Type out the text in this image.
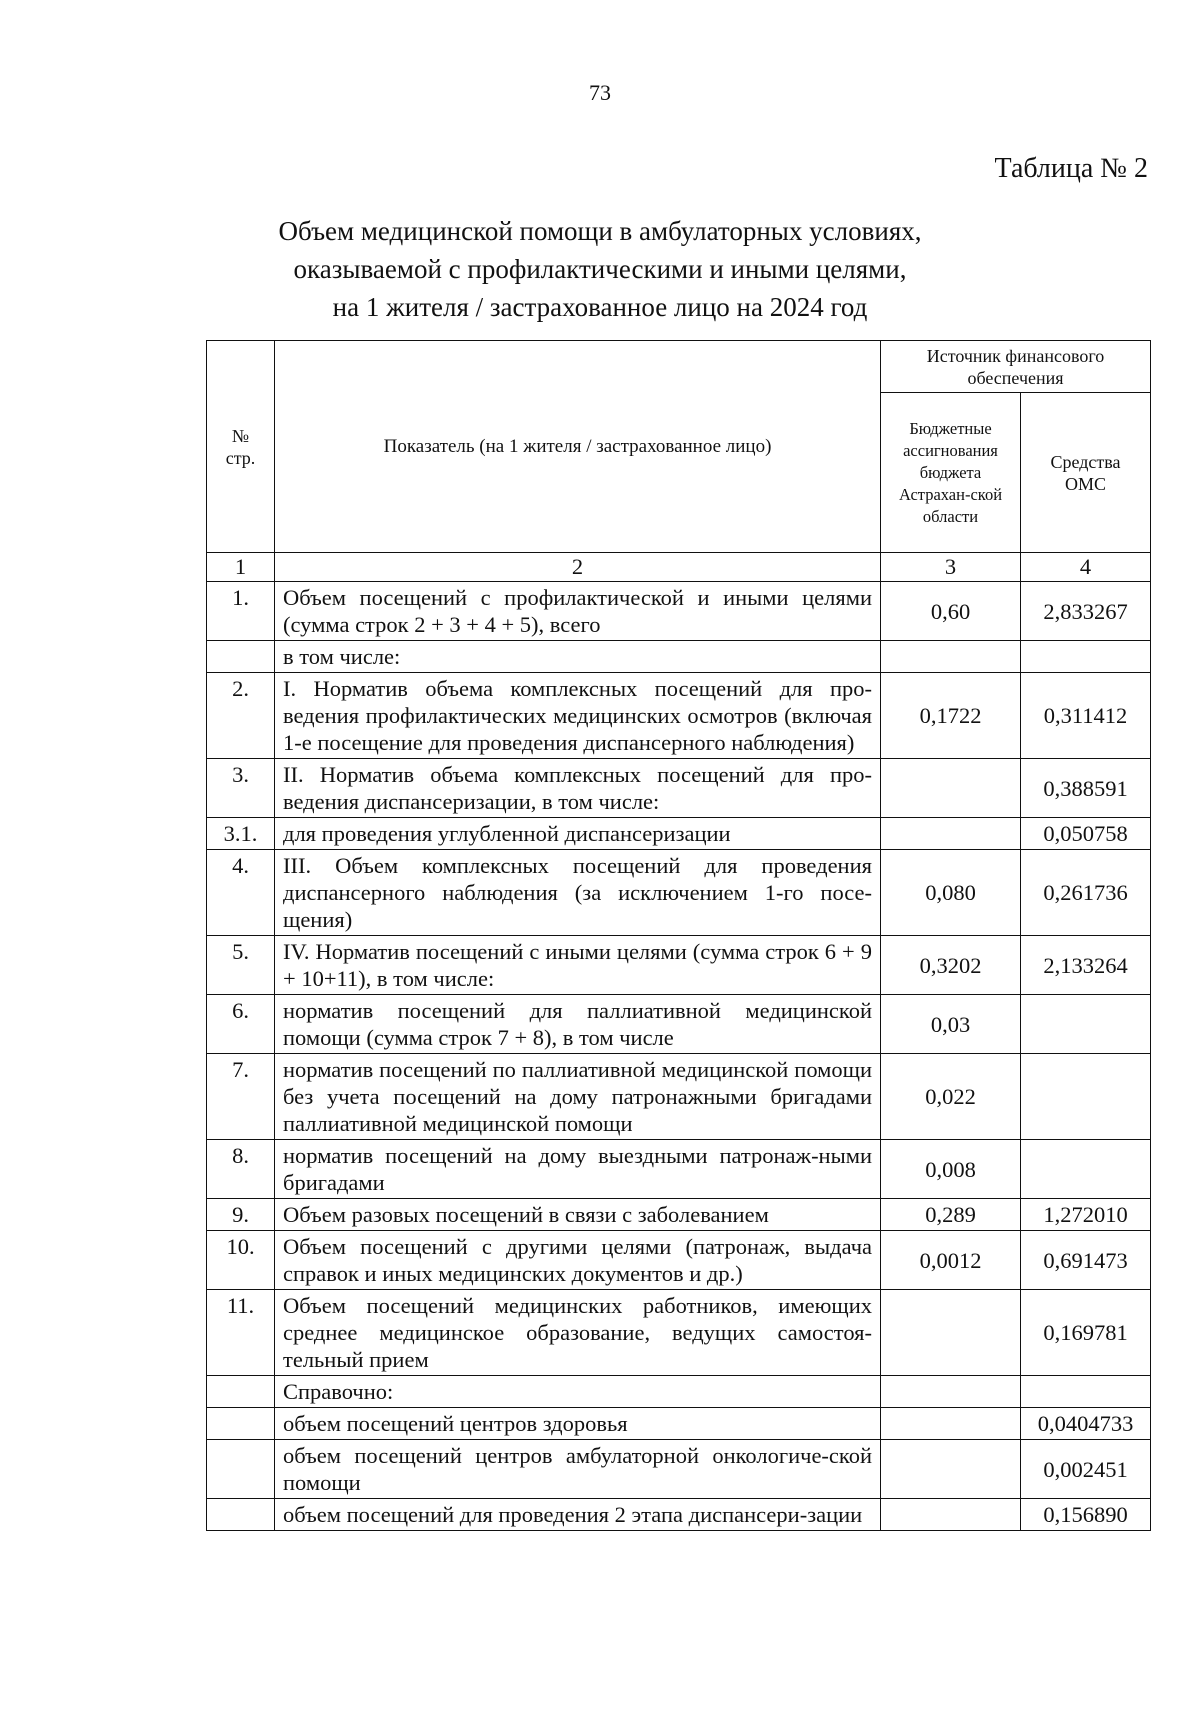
73
Таблица № 2
Объем медицинской помощи в амбулаторных условиях,
оказываемой с профилактическими и иными целями,
на 1 жителя / застрахованное лицо на 2024 год
№ стр.	Показатель (на 1 жителя / застрахованное лицо)	Источник финансового обеспечения	
		Бюджетные ассигнования бюджета Астрахан-ской области	Средства ОМС
1	2	3	4
1.	Объем посещений с профилактической и иными целями (сумма строк 2 + 3 + 4 + 5), всего	0,60	2,833267
	в том числе:		
2.	I. Норматив объема комплексных посещений для про-ведения профилактических медицинских осмотров (включая 1-е посещение для проведения диспансерного наблюдения)	0,1722	0,311412
3.	II. Норматив объема комплексных посещений для про-ведения диспансеризации, в том числе:		0,388591
3.1.	для проведения углубленной диспансеризации		0,050758
4.	III. Объем комплексных посещений для проведения диспансерного наблюдения (за исключением 1-го посе-щения)	0,080	0,261736
5.	IV. Норматив посещений с иными целями (сумма строк 6 + 9 + 10+11), в том числе:	0,3202	2,133264
6.	норматив посещений для паллиативной медицинской помощи (сумма строк 7 + 8), в том числе	0,03	
7.	норматив посещений по паллиативной медицинской помощи без учета посещений на дому патронажными бригадами паллиативной медицинской помощи	0,022	
8.	норматив посещений на дому выездными патронаж-ными бригадами	0,008	
9.	Объем разовых посещений в связи с заболеванием	0,289	1,272010
10.	Объем посещений с другими целями (патронаж, выдача справок и иных медицинских документов и др.)	0,0012	0,691473
11.	Объем посещений медицинских работников, имеющих среднее медицинское образование, ведущих самостоя-тельный прием		0,169781
	Справочно:		
	объем посещений центров здоровья		0,0404733
	объем посещений центров амбулаторной онкологиче-ской помощи		0,002451
	объем посещений для проведения 2 этапа диспансери-зации		0,156890
